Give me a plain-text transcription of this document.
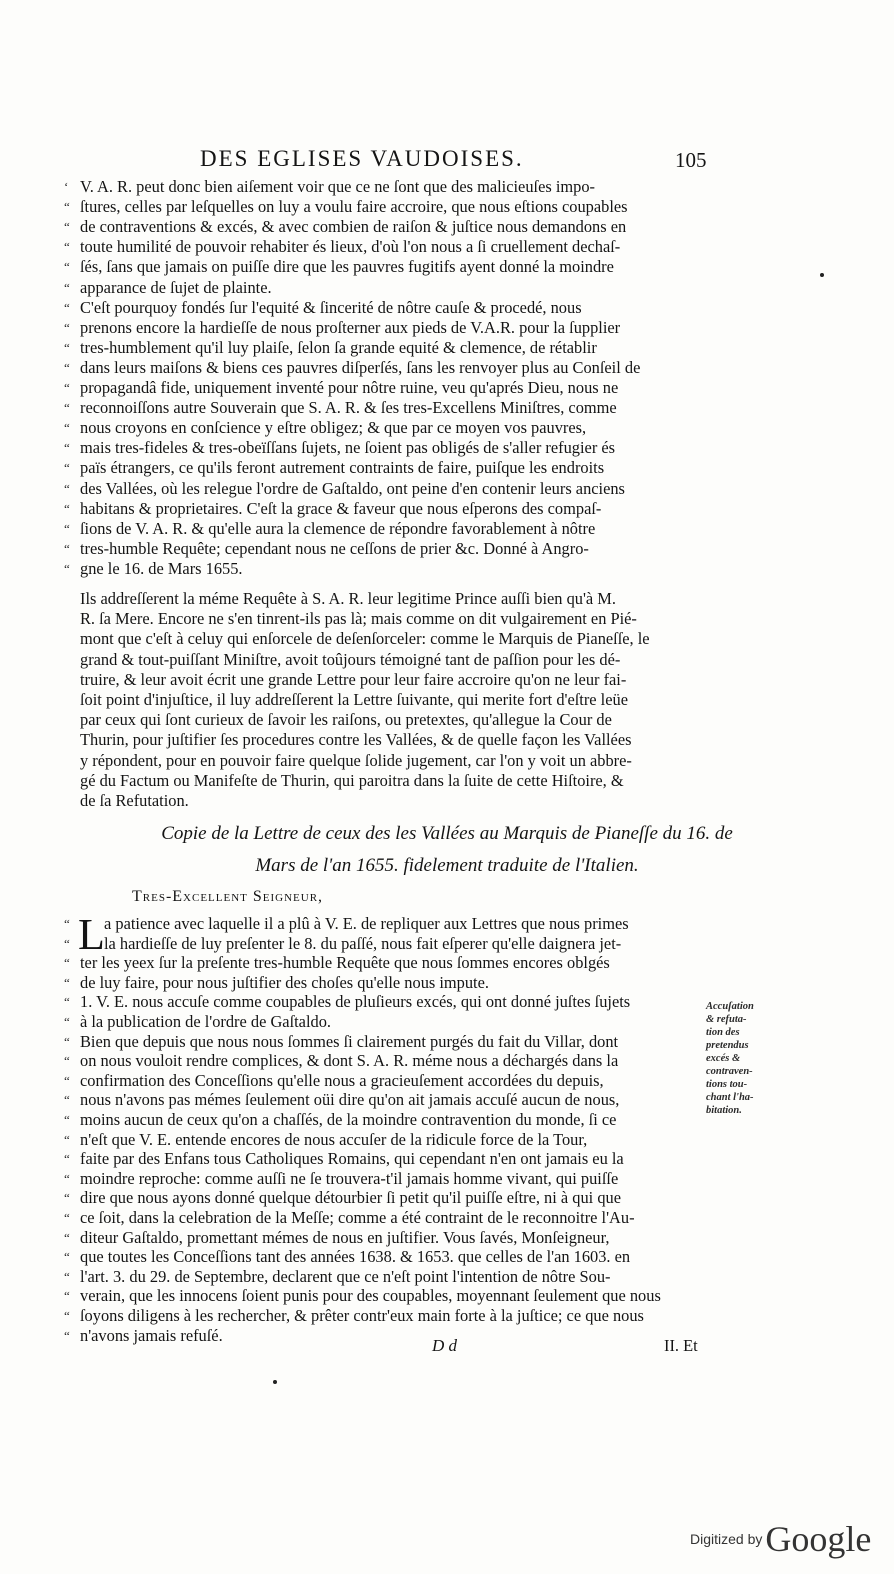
DES EGLISES VAUDOISES.	105
‘ V. A. R. peut donc bien aiſement voir que ce ne ſont que des malicieuſes impo-
“ ſtures, celles par leſquelles on luy a voulu faire accroire, que nous eſtions coupables
“ de contraventions & excés, & avec combien de raiſon & juſtice nous demandons en
“ toute humilité de pouvoir rehabiter és lieux, d'où l'on nous a ſi cruellement dechaſ-
“ ſés, ſans que jamais on puiſſe dire que les pauvres fugitifs ayent donné la moindre
“ apparance de ſujet de plainte.
“ C'eſt pourquoy fondés ſur l'equité & ſincerité de nôtre cauſe & procedé, nous
“ prenons encore la hardieſſe de nous proſterner aux pieds de V.A.R. pour la ſupplier
“ tres-humblement qu'il luy plaiſe, ſelon ſa grande equité & clemence, de rétablir
“ dans leurs maiſons & biens ces pauvres diſperſés, ſans les renvoyer plus au Conſeil de
“ propagandâ fide, uniquement inventé pour nôtre ruine, veu qu'aprés Dieu, nous ne
“ reconnoiſſons autre Souverain que S. A. R. & ſes tres-Excellens Miniſtres, comme
“ nous croyons en conſcience y eſtre obligez; & que par ce moyen vos pauvres,
“ mais tres-fideles & tres-obeïſſans ſujets, ne ſoient pas obligés de s'aller refugier és
“ païs étrangers, ce qu'ils feront autrement contraints de faire, puiſque les endroits
“ des Vallées, où les relegue l'ordre de Gaſtaldo, ont peine d'en contenir leurs anciens
“ habitans & proprietaires. C'eſt la grace & faveur que nous eſperons des compaſ-
“ ſions de V. A. R. & qu'elle aura la clemence de répondre favorablement à nôtre
“ tres-humble Requête; cependant nous ne ceſſons de prier &c. Donné à Angro-
“ gne le 16. de Mars 1655.
Ils addreſſerent la méme Requête à S. A. R. leur legitime Prince auſſi bien qu'à M.
R. ſa Mere. Encore ne s'en tinrent-ils pas là; mais comme on dit vulgairement en Pié-
mont que c'eſt à celuy qui enſorcele de deſenſorceler: comme le Marquis de Pianeſſe, le
grand & tout-puiſſant Miniſtre, avoit toûjours témoigné tant de paſſion pour les dé-
truire, & leur avoit écrit une grande Lettre pour leur faire accroire qu'on ne leur fai-
ſoit point d'injuſtice, il luy addreſſerent la Lettre ſuivante, qui merite fort d'eſtre leüe
par ceux qui ſont curieux de ſavoir les raiſons, ou pretextes, qu'allegue la Cour de
Thurin, pour juſtifier ſes procedures contre les Vallées, & de quelle façon les Vallées
y répondent, pour en pouvoir faire quelque ſolide jugement, car l'on y voit un abbre-
gé du Factum ou Manifeſte de Thurin, qui paroitra dans la ſuite de cette Hiſtoire, &
de ſa Refutation.
Copie de la Lettre de ceux des les Vallées au Marquis de Pianeſſe du 16. de
Mars de l'an 1655. fidelement traduite de l'Italien.
Tres-Excellent Seigneur,
L
“	a patience avec laquelle il a plû à V. E. de repliquer aux Lettres que nous primes
“	la hardieſſe de luy preſenter le 8. du paſſé, nous fait eſperer qu'elle daignera jet-
“ ter les yeex ſur la preſente tres-humble Requête que nous ſommes encores oblgés
“ de luy faire, pour nous juſtifier des choſes qu'elle nous impute.
“ 1. V. E. nous accuſe comme coupables de pluſieurs excés, qui ont donné juſtes ſujets
“ à la publication de l'ordre de Gaſtaldo.
“ Bien que depuis que nous nous ſommes ſi clairement purgés du fait du Villar, dont
“ on nous vouloit rendre complices, & dont S. A. R. méme nous a déchargés dans la
“ confirmation des Conceſſions qu'elle nous a gracieuſement accordées du depuis,
“ nous n'avons pas mémes ſeulement oüi dire qu'on ait jamais accuſé aucun de nous,
“ moins aucun de ceux qu'on a chaſſés, de la moindre contravention du monde, ſi ce
“ n'eſt que V. E. entende encores de nous accuſer de la ridicule force de la Tour,
“ faite par des Enfans tous Catholiques Romains, qui cependant n'en ont jamais eu la
“ moindre reproche: comme auſſi ne ſe trouvera-t'il jamais homme vivant, qui puiſſe
“ dire que nous ayons donné quelque détourbier ſi petit qu'il puiſſe eſtre, ni à qui que
“ ce ſoit, dans la celebration de la Meſſe; comme a été contraint de le reconnoitre l'Au-
“ diteur Gaſtaldo, promettant mémes de nous en juſtifier. Vous ſavés, Monſeigneur,
“ que toutes les Conceſſions tant des années 1638. & 1653. que celles de l'an 1603. en
“ l'art. 3. du 29. de Septembre, declarent que ce n'eſt point l'intention de nôtre Sou-
“ verain, que les innocens ſoient punis pour des coupables, moyennant ſeulement que nous
“ ſoyons diligens à les rechercher, & prêter contr'eux main forte à la juſtice; ce que nous
“ n'avons jamais refuſé.
Accuſation
& refuta-
tion des
pretendus
excés &
contraven-
tions tou-
chant l'ha-
bitation.
D d	II. Et
Digitized byGoogle
